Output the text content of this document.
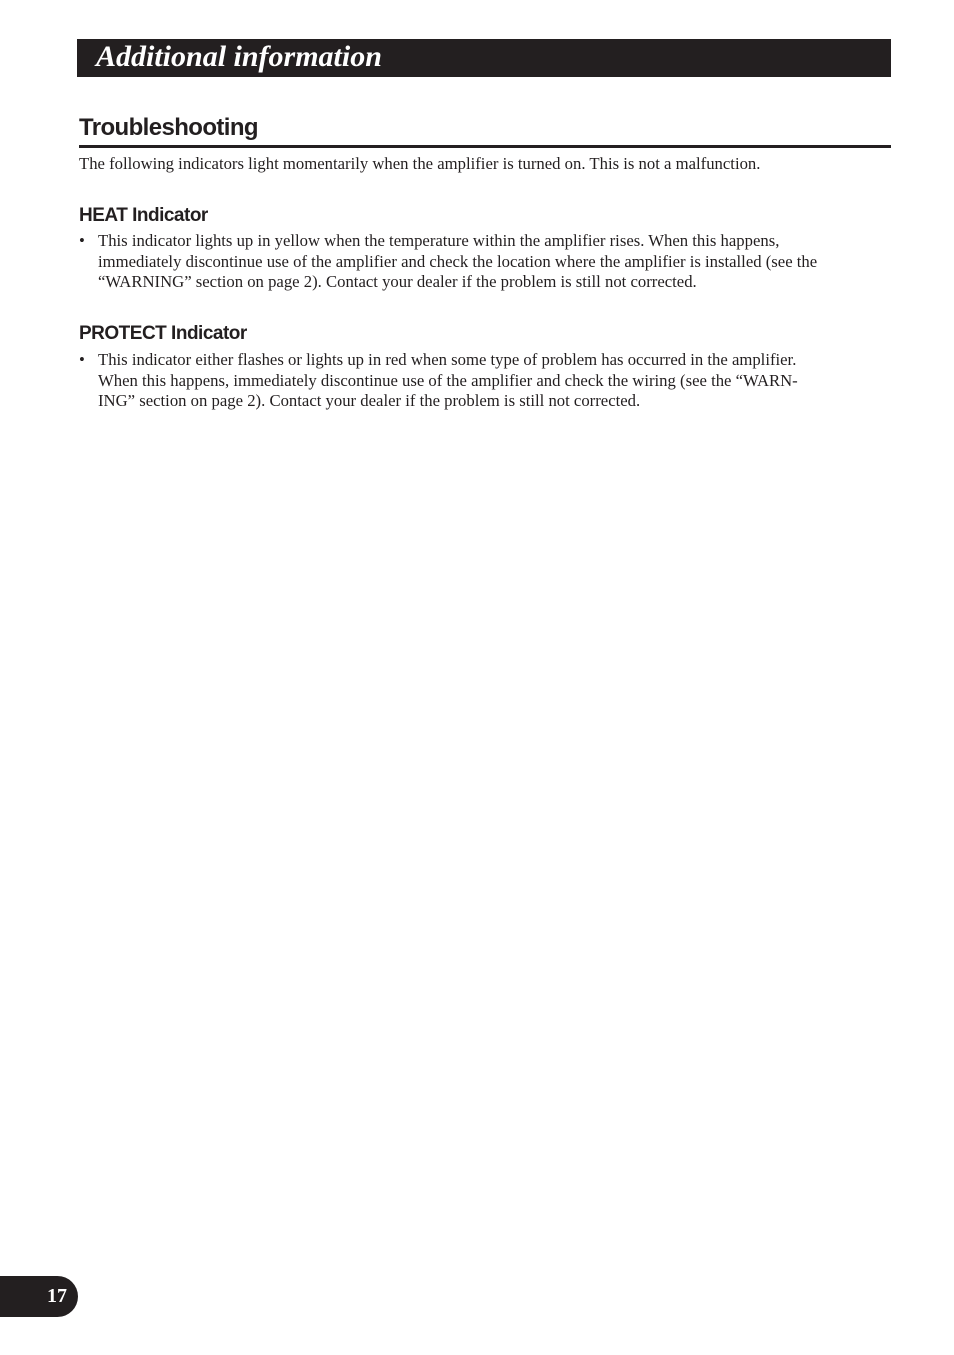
Additional information
Troubleshooting
The following indicators light momentarily when the amplifier is turned on. This is not a malfunction.
HEAT Indicator
• This indicator lights up in yellow when the temperature within the amplifier rises. When this happens,
immediately discontinue use of the amplifier and check the location where the amplifier is installed (see the
“WARNING” section on page 2). Contact your dealer if the problem is still not corrected.
PROTECT Indicator
• This indicator either flashes or lights up in red when some type of problem has occurred in the amplifier.
When this happens, immediately discontinue use of the amplifier and check the wiring (see the “WARN-
ING” section on page 2). Contact your dealer if the problem is still not corrected.
17
